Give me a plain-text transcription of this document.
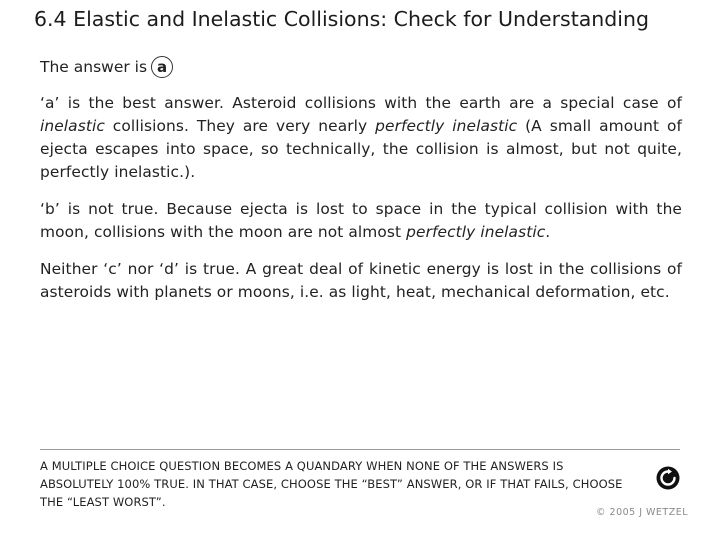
6.4 Elastic and Inelastic Collisions: Check for Understanding
The answer is a

‘a’ is the best answer. Asteroid collisions with the earth are a special case of inelastic collisions. They are very nearly perfectly inelastic (A small amount of ejecta escapes into space, so technically, the collision is almost, but not quite, perfectly inelastic.).

‘b’ is not true. Because ejecta is lost to space in the typical collision with the moon, collisions with the moon are not almost perfectly inelastic.

Neither ‘c’ nor ‘d’ is true. A great deal of kinetic energy is lost in the collisions of asteroids with planets or moons, i.e. as light, heat, mechanical deformation, etc.

A MULTIPLE CHOICE QUESTION BECOMES A QUANDARY WHEN NONE OF THE ANSWERS IS ABSOLUTELY 100% TRUE. IN THAT CASE, CHOOSE THE “BEST” ANSWER, OR IF THAT FAILS, CHOOSE THE “LEAST WORST”.
© 2005 J WETZEL
